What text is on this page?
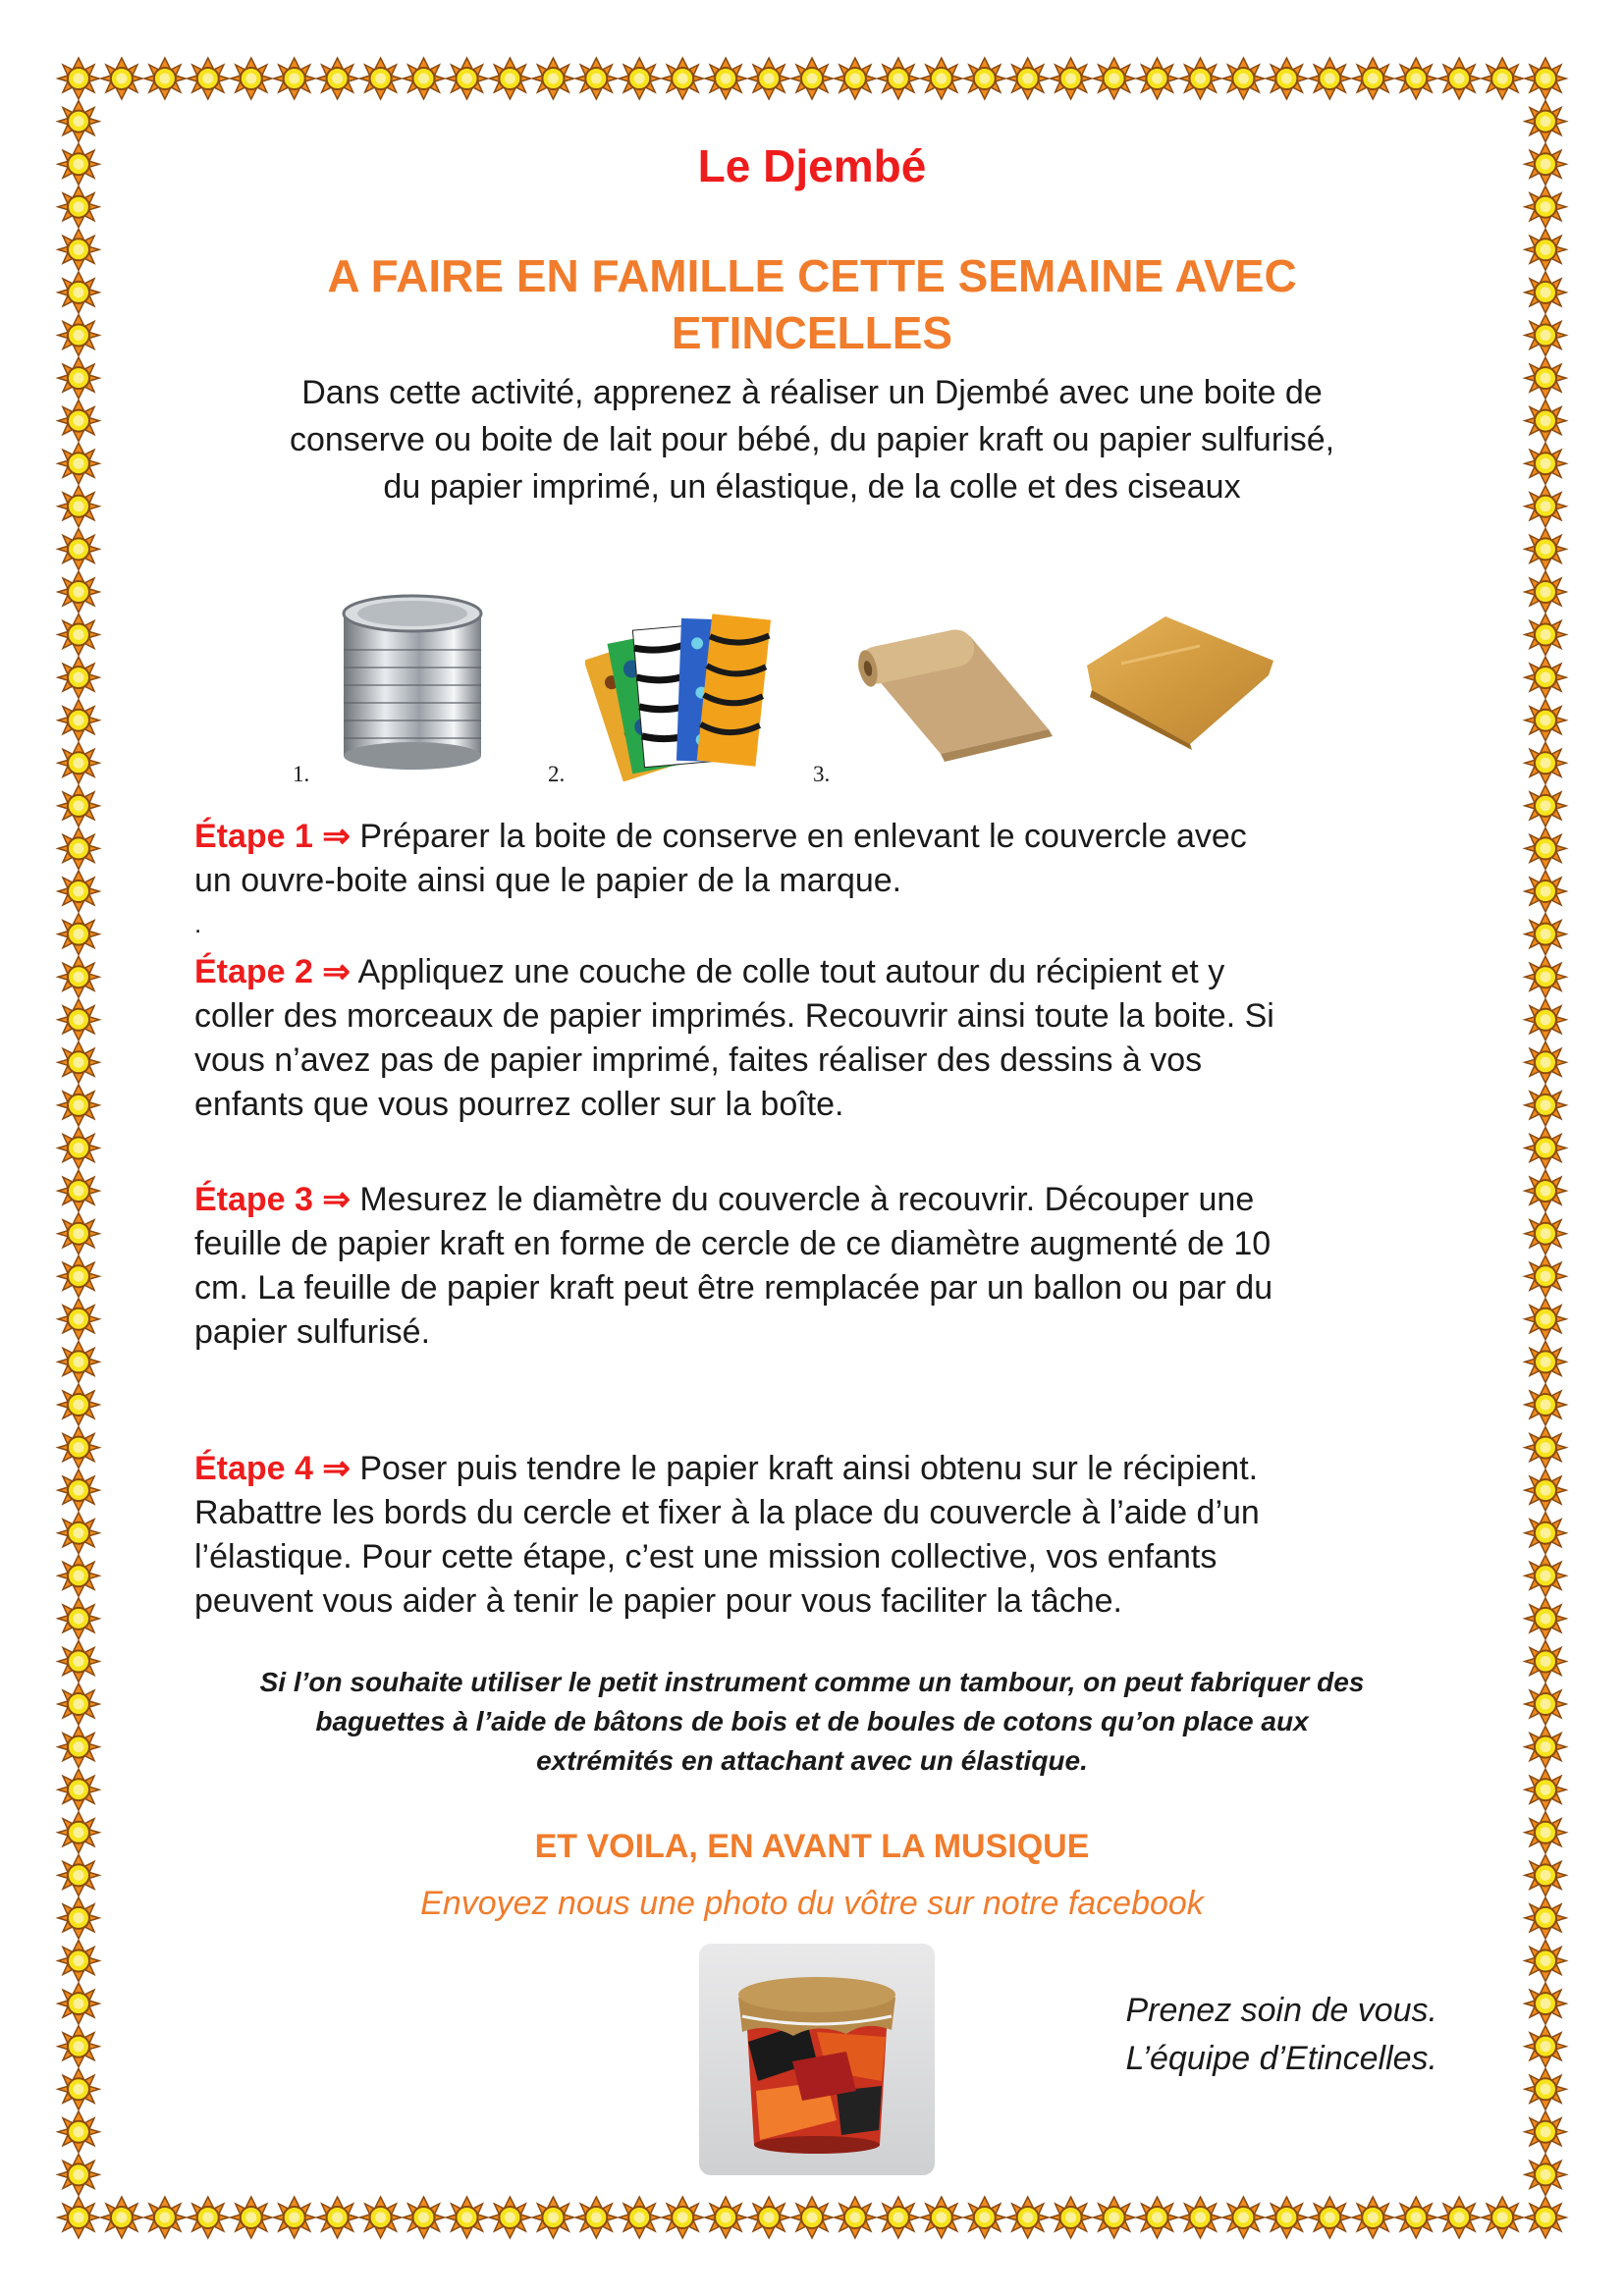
Le Djembé
A FAIRE EN FAMILLE CETTE SEMAINE AVEC
ETINCELLES
Dans cette activité, apprenez à réaliser un Djembé avec une boite de
conserve ou boite de lait pour bébé, du papier kraft ou papier sulfurisé,
du papier imprimé, un élastique, de la colle et des ciseaux
1.	2.	3.
Étape 1 ⇒ Préparer la boite de conserve en enlevant le couvercle avec
un ouvre-boite ainsi que le papier de la marque.
.
Étape 2 ⇒ Appliquez une couche de colle tout autour du récipient et y
coller des morceaux de papier imprimés. Recouvrir ainsi toute la boite. Si
vous n’avez pas de papier imprimé, faites réaliser des dessins à vos
enfants que vous pourrez coller sur la boîte.
Étape 3 ⇒ Mesurez le diamètre du couvercle à recouvrir. Découper une
feuille de papier kraft en forme de cercle de ce diamètre augmenté de 10
cm. La feuille de papier kraft peut être remplacée par un ballon ou par du
papier sulfurisé.
Étape 4 ⇒ Poser puis tendre le papier kraft ainsi obtenu sur le récipient.
Rabattre les bords du cercle et fixer à la place du couvercle à l’aide d’un
l’élastique. Pour cette étape, c’est une mission collective, vos enfants
peuvent vous aider à tenir le papier pour vous faciliter la tâche.
Si l’on souhaite utiliser le petit instrument comme un tambour, on peut fabriquer des
baguettes à l’aide de bâtons de bois et de boules de cotons qu’on place aux
extrémités en attachant avec un élastique.
ET VOILA, EN AVANT LA MUSIQUE
Envoyez nous une photo du vôtre sur notre facebook
Prenez soin de vous.
L’équipe d’Etincelles.
